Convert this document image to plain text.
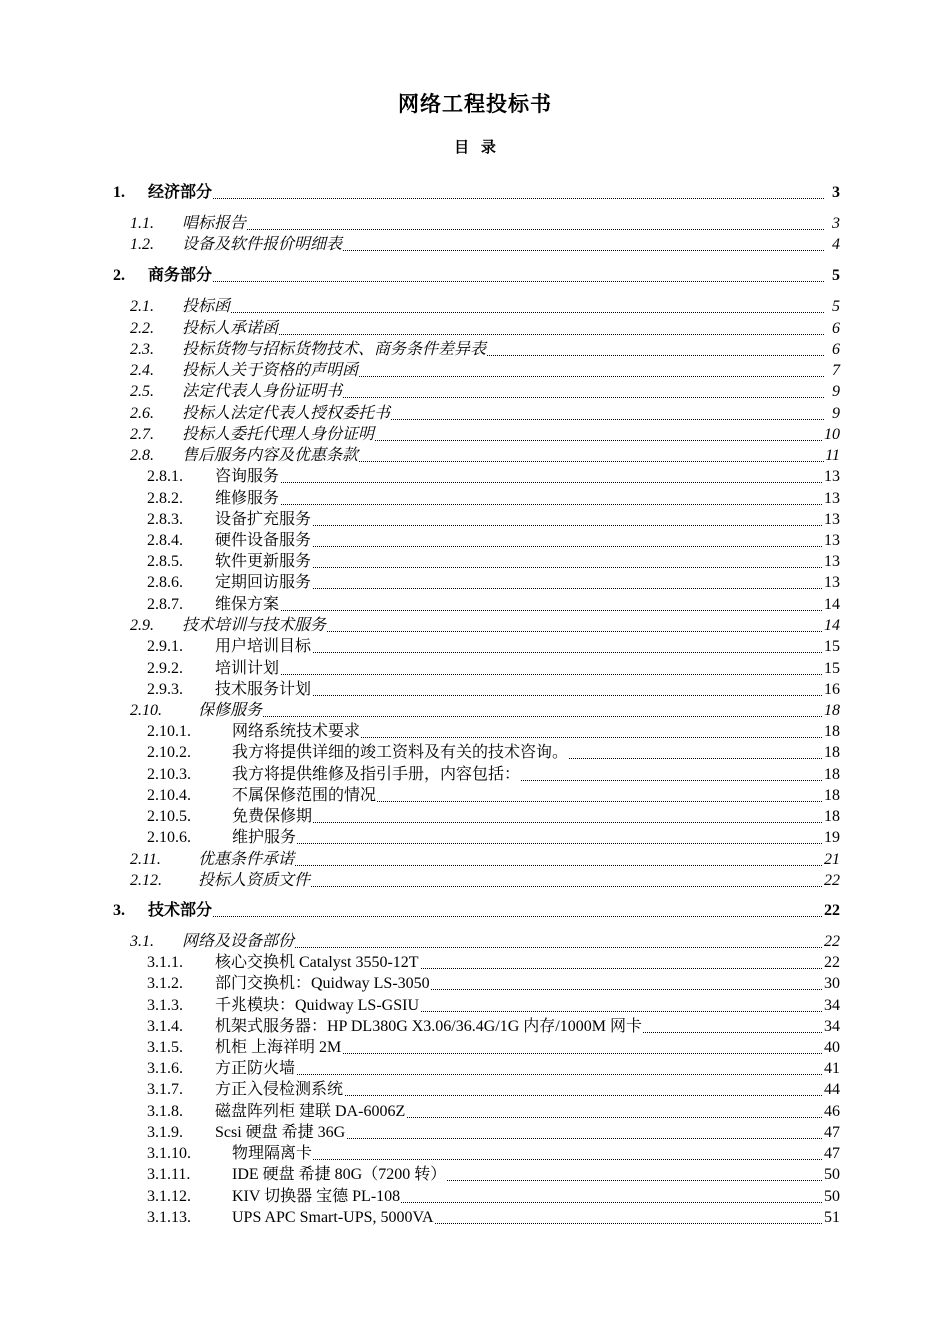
网络工程投标书
目 录
1. 经济部分	3
1.1. 唱标报告	3
1.2. 设备及软件报价明细表	4
2. 商务部分	5
2.1. 投标函	5
2.2. 投标人承诺函	6
2.3. 投标货物与招标货物技术、商务条件差异表	6
2.4. 投标人关于资格的声明函	7
2.5. 法定代表人身份证明书	9
2.6. 投标人法定代表人授权委托书	9
2.7. 投标人委托代理人身份证明	10
2.8. 售后服务内容及优惠条款	11
2.8.1. 咨询服务	13
2.8.2. 维修服务	13
2.8.3. 设备扩充服务	13
2.8.4. 硬件设备服务	13
2.8.5. 软件更新服务	13
2.8.6. 定期回访服务	13
2.8.7. 维保方案	14
2.9. 技术培训与技术服务	14
2.9.1. 用户培训目标	15
2.9.2. 培训计划	15
2.9.3. 技术服务计划	16
2.10. 保修服务	18
2.10.1.	网络系统技术要求	18
2.10.2.	我方将提供详细的竣工资料及有关的技术咨询。	18
2.10.3.	我方将提供维修及指引手册，内容包括：	18
2.10.4.	不属保修范围的情况	18
2.10.5.	免费保修期	18
2.10.6.	维护服务	19
2.11. 优惠条件承诺	21
2.12. 投标人资质文件	22
3. 技术部分	22
3.1. 网络及设备部份	22
3.1.1. 核心交换机 Catalyst 3550-12T	22
3.1.2. 部门交换机：Quidway LS-3050	30
3.1.3. 千兆模块：Quidway LS-GSIU	34
3.1.4. 机架式服务器：HP DL380G X3.06/36.4G/1G 内存/1000M 网卡	34
3.1.5. 机柜 上海祥明 2M	40
3.1.6. 方正防火墙	41
3.1.7. 方正入侵检测系统	44
3.1.8. 磁盘阵列柜 建联 DA-6006Z	46
3.1.9. Scsi 硬盘 希捷 36G	47
3.1.10.	物理隔离卡	47
3.1.11.	IDE 硬盘 希捷 80G（7200 转）	50
3.1.12.	KIV 切换器 宝德 PL-108	50
3.1.13.	UPS APC Smart-UPS, 5000VA	51
